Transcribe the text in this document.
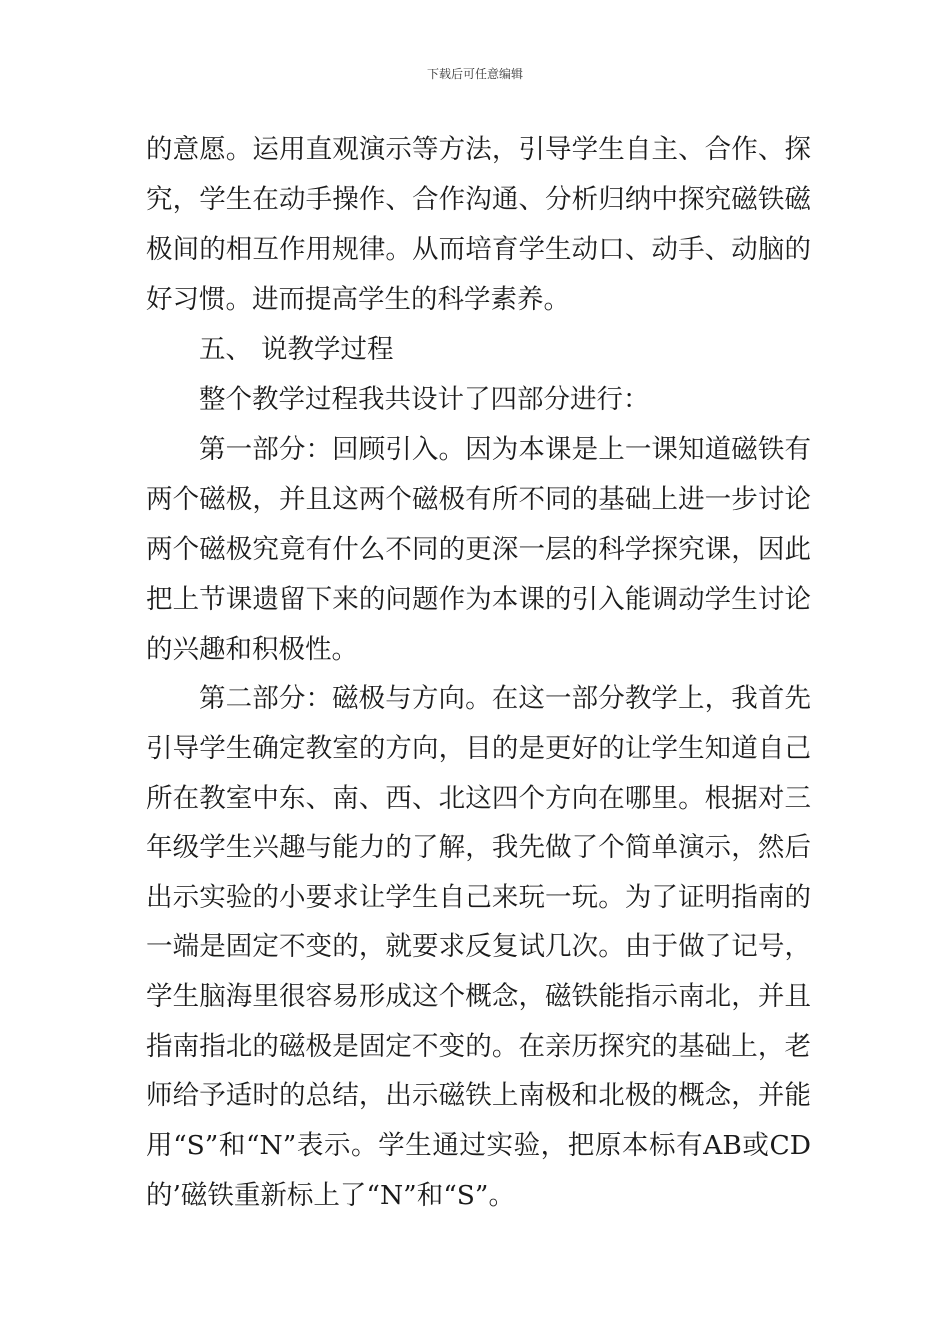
下载后可任意编辑
的意愿。运用直观演示等方法，引导学生自主、合作、探
究，学生在动手操作、合作沟通、分析归纳中探究磁铁磁
极间的相互作用规律。从而培育学生动口、动手、动脑的
好习惯。进而提高学生的科学素养。
五、 说教学过程
整个教学过程我共设计了四部分进行：
第一部分：回顾引入。因为本课是上一课知道磁铁有
两个磁极，并且这两个磁极有所不同的基础上进一步讨论
两个磁极究竟有什么不同的更深一层的科学探究课，因此
把上节课遗留下来的问题作为本课的引入能调动学生讨论
的兴趣和积极性。
第二部分：磁极与方向。在这一部分教学上，我首先
引导学生确定教室的方向，目的是更好的让学生知道自己
所在教室中东、南、西、北这四个方向在哪里。根据对三
年级学生兴趣与能力的了解，我先做了个简单演示，然后
出示实验的小要求让学生自己来玩一玩。为了证明指南的
一端是固定不变的，就要求反复试几次。由于做了记号，
学生脑海里很容易形成这个概念，磁铁能指示南北，并且
指南指北的磁极是固定不变的。在亲历探究的基础上，老
师给予适时的总结，出示磁铁上南极和北极的概念，并能
用“S”和“N”表示。学生通过实验，把原本标有AB或CD
的’磁铁重新标上了“N”和“S”。
